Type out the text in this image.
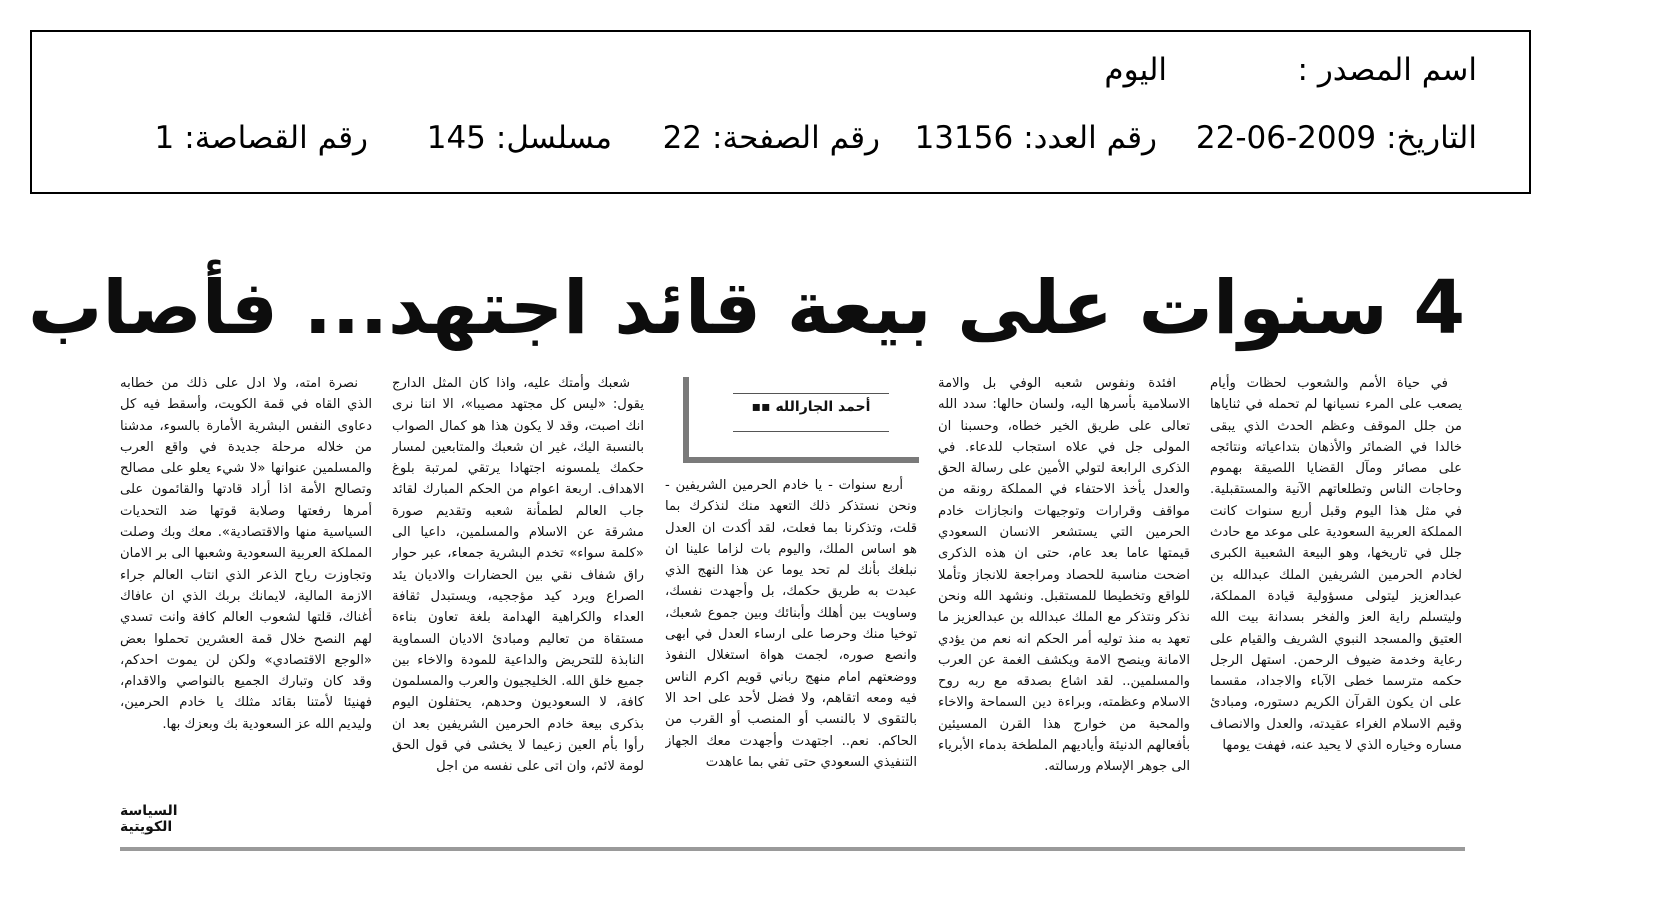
اسم المصدر :
اليوم
التاريخ:2009-06-22
رقم العدد:13156
رقم الصفحة:22
مسلسل:145
رقم القصاصة:1
4 سنوات على بيعة قائد اجتهد... فأصاب

في حياة الأمم والشعوب لحظات وأيام يصعب على المرء نسيانها لم تحمله في ثناياها من جلل الموقف وعظم الحدث الذي يبقى خالدا في الضمائر والأذهان بتداعياته ونتائجه على مصائر ومآل القضايا اللصيقة بهموم وحاجات الناس وتطلعاتهم الآنية والمستقبلية. في مثل هذا اليوم وقبل أربع سنوات كانت المملكة العربية السعودية على موعد مع حادث جلل في تاريخها، وهو البيعة الشعبية الكبرى لخادم الحرمين الشريفين الملك عبدالله بن عبدالعزيز ليتولى مسؤولية قيادة المملكة، وليتسلم راية العز والفخر بسدانة بيت الله العتيق والمسجد النبوي الشريف والقيام على رعاية وخدمة ضيوف الرحمن. استهل الرجل حكمه مترسما خطى الآباء والاجداد، مقسما على ان يكون القرآن الكريم دستوره، ومبادئ وقيم الاسلام الغراء عقيدته، والعدل والانصاف مساره وخياره الذي لا يحيد عنه، فهفت يومها

افئدة ونفوس شعبه الوفي بل والامة الاسلامية بأسرها اليه، ولسان حالها: سدد الله تعالى على طريق الخير خطاه، وحسبنا ان المولى جل في علاه استجاب للدعاء. في الذكرى الرابعة لتولي الأمين على رسالة الحق والعدل يأخذ الاحتفاء في المملكة رونقه من مواقف وقرارات وتوجيهات وانجازات خادم الحرمين التي يستشعر الانسان السعودي قيمتها عاما بعد عام، حتى ان هذه الذكرى اضحت مناسبة للحصاد ومراجعة للانجاز وتأملا للواقع وتخطيطا للمستقبل. ونشهد الله ونحن نذكر ونتذكر مع الملك عبدالله بن عبدالعزيز ما تعهد به منذ توليه أمر الحكم انه نعم من يؤدي الامانة وينصح الامة ويكشف الغمة عن العرب والمسلمين.. لقد اشاع بصدقه مع ربه روح الاسلام وعظمته، وبراءة دين السماحة والاخاء والمحبة من خوارج هذا القرن المسيئين بأفعالهم الدنيئة وأياديهم الملطخة بدماء الأبرياء الى جوهر الإسلام ورسالته.

أحمد الجارالله ▪▪

أربع سنوات - يا خادم الحرمين الشريفين - ونحن نستذكر ذلك التعهد منك لنذكرك بما قلت، وتذكرنا بما فعلت، لقد أكدت ان العدل هو اساس الملك، واليوم بات لزاما علينا ان نبلغك بأنك لم تحد يوما عن هذا النهج الذي عبدت به طريق حكمك، بل وأجهدت نفسك، وساويت بين أهلك وأبنائك وبين جموع شعبك، توخيا منك وحرصا على ارساء العدل في ابهى وانصع صوره، لجمت هواة استغلال النفوذ ووضعتهم امام منهج رباني قويم اكرم الناس فيه ومعه اتقاهم، ولا فضل لأحد على احد الا بالتقوى لا بالنسب أو المنصب أو القرب من الحاكم. نعم.. اجتهدت وأجهدت معك الجهاز التنفيذي السعودي حتى تفي بما عاهدت

شعبك وأمتك عليه، واذا كان المثل الدارج يقول: «ليس كل مجتهد مصيبا»، الا اننا نرى انك اصبت، وقد لا يكون هذا هو كمال الصواب بالنسبة اليك، غير ان شعبك والمتابعين لمسار حكمك يلمسونه اجتهادا يرتقي لمرتبة بلوغ الاهداف. اربعة اعوام من الحكم المبارك لقائد جاب العالم لطمأنة شعبه وتقديم صورة مشرقة عن الاسلام والمسلمين، داعيا الى «كلمة سواء» تخدم البشرية جمعاء، عبر حوار راق شفاف نقي بين الحضارات والاديان يئد الصراع ويرد كيد مؤججيه، ويستبدل ثقافة العداء والكراهية الهدامة بلغة تعاون بناءة مستقاة من تعاليم ومبادئ الاديان السماوية النابذة للتحريض والداعية للمودة والاخاء بين جميع خلق الله. الخليجيون والعرب والمسلمون كافة، لا السعوديون وحدهم، يحتفلون اليوم بذكرى بيعة خادم الحرمين الشريفين بعد ان رأوا بأم العين زعيما لا يخشى في قول الحق لومة لائم، وان اتى على نفسه من اجل

نصرة امته، ولا ادل على ذلك من خطابه الذي القاه في قمة الكويت، وأسقط فيه كل دعاوى النفس البشرية الأمارة بالسوء، مدشنا من خلاله مرحلة جديدة في واقع العرب والمسلمين عنوانها «لا شيء يعلو على مصالح وتصالح الأمة اذا أراد قادتها والقائمون على أمرها رفعتها وصلابة قوتها ضد التحديات السياسية منها والاقتصادية». معك وبك وصلت المملكة العربية السعودية وشعبها الى بر الامان وتجاوزت رياح الذعر الذي انتاب العالم جراء الازمة المالية، لايمانك بربك الذي ان عافاك أغناك، قلتها لشعوب العالم كافة وانت تسدي لهم النصح خلال قمة العشرين تحملوا بعض «الوجع الاقتصادي» ولكن لن يموت احدكم، وقد كان وتبارك الجميع بالنواصي والاقدام، فهنيئا لأمتنا بقائد مثلك يا خادم الحرمين، وليديم الله عز السعودية بك وبعزك بها.

السياسة الكويتية
